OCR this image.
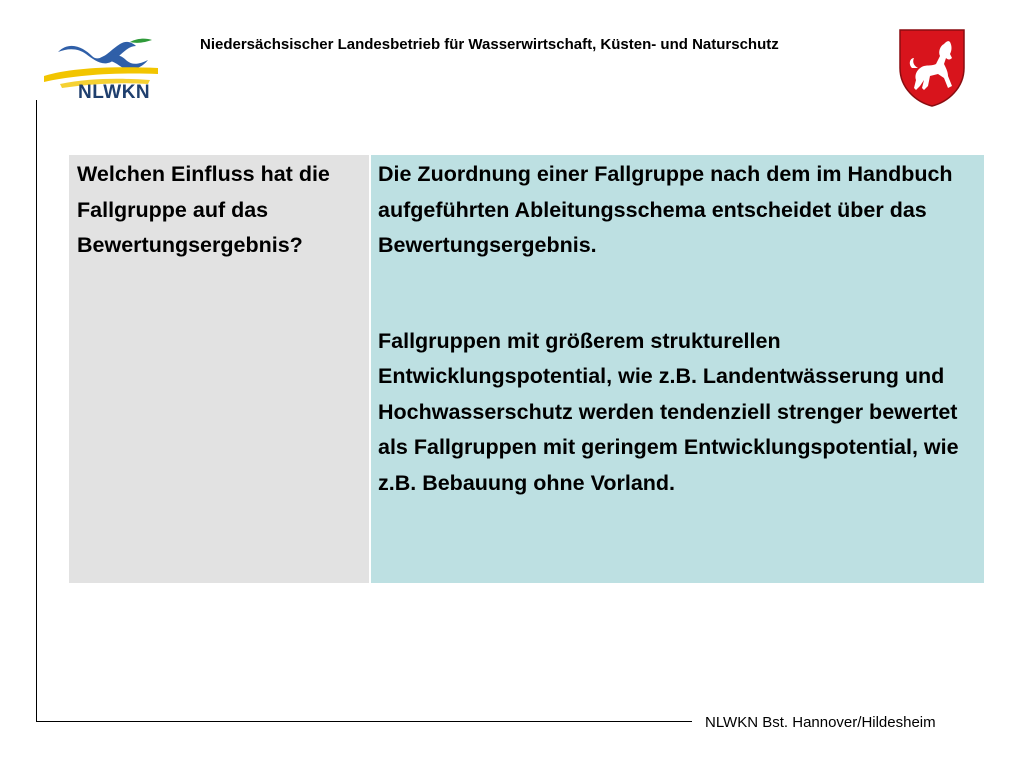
NLWKN
Niedersächsischer Landesbetrieb für Wasserwirtschaft, Küsten- und Naturschutz

Welchen Einfluss hat die Fallgruppe auf das Bewertungsergebnis?

Die Zuordnung einer Fallgruppe nach dem im Handbuch aufgeführten Ableitungsschema entscheidet über das Bewertungsergebnis.

Fallgruppen mit größerem strukturellen Entwicklungspotential, wie z.B. Landentwässerung und Hochwasserschutz werden tendenziell strenger bewertet als Fallgruppen mit geringem Entwicklungspotential, wie z.B. Bebauung ohne Vorland.

NLWKN Bst. Hannover/Hildesheim
